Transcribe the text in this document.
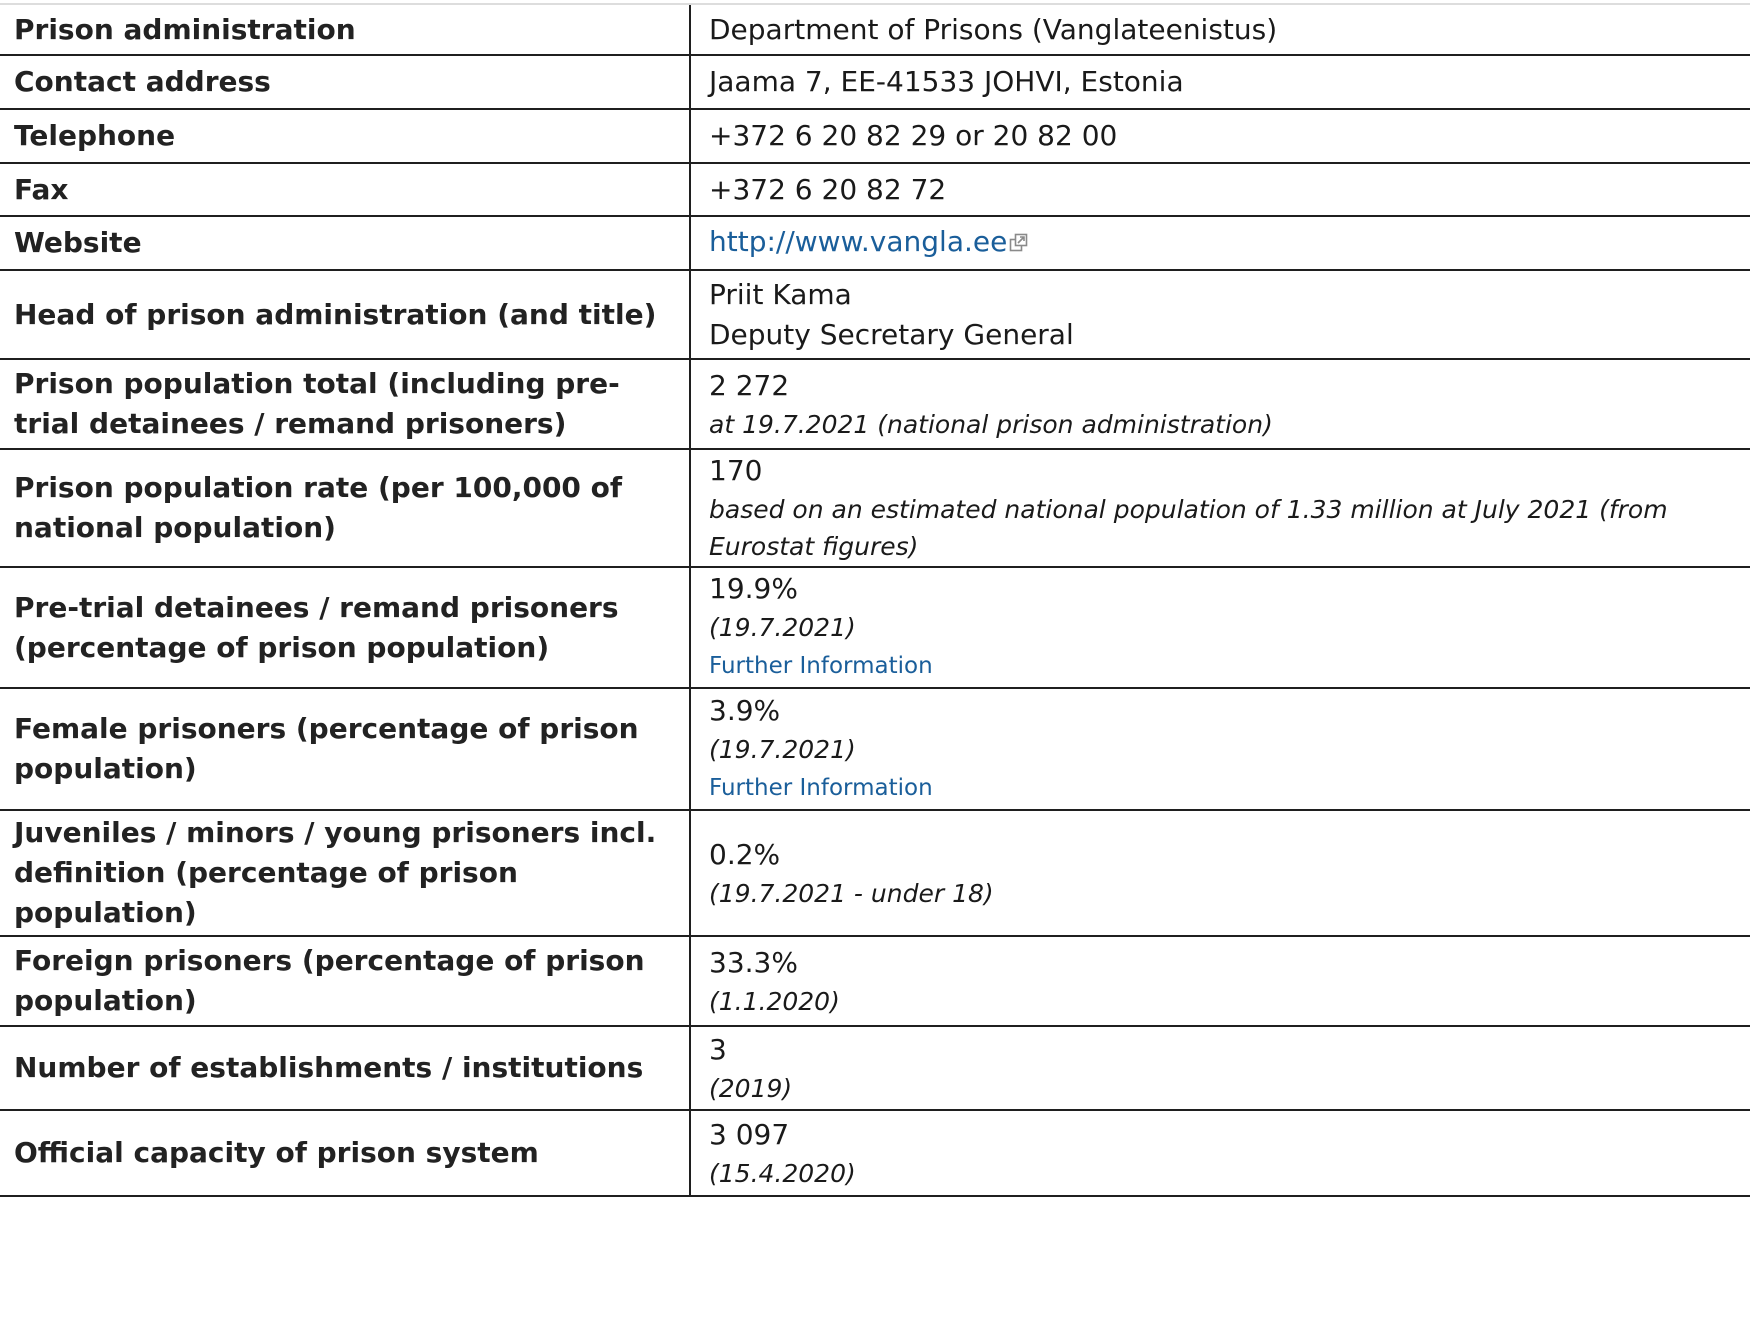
Prison administration	Department of Prisons (Vanglateenistus)
Contact address	Jaama 7, EE-41533 JOHVI, Estonia
Telephone	+372 6 20 82 29 or 20 82 00
Fax	+372 6 20 82 72
Website	http://www.vangla.ee
Head of prison administration (and title)	Priit Kama
Deputy Secretary General

Prison population total (including pre-trial detainees / remand prisoners)	2 272
at 19.7.2021 (national prison administration)

Prison population rate (per 100,000 of national population)	170
based on an estimated national population of 1.33 million at July 2021 (from Eurostat figures)

Pre-trial detainees / remand prisoners (percentage of prison population)	19.9%
(19.7.2021)
Further Information

Female prisoners (percentage of prison population)	3.9%
(19.7.2021)
Further Information

Juveniles / minors / young prisoners incl. definition (percentage of prison population)	0.2%
(19.7.2021 - under 18)

Foreign prisoners (percentage of prison population)	33.3%
(1.1.2020)

Number of establishments / institutions	3
(2019)

Official capacity of prison system	3 097
(15.4.2020)
